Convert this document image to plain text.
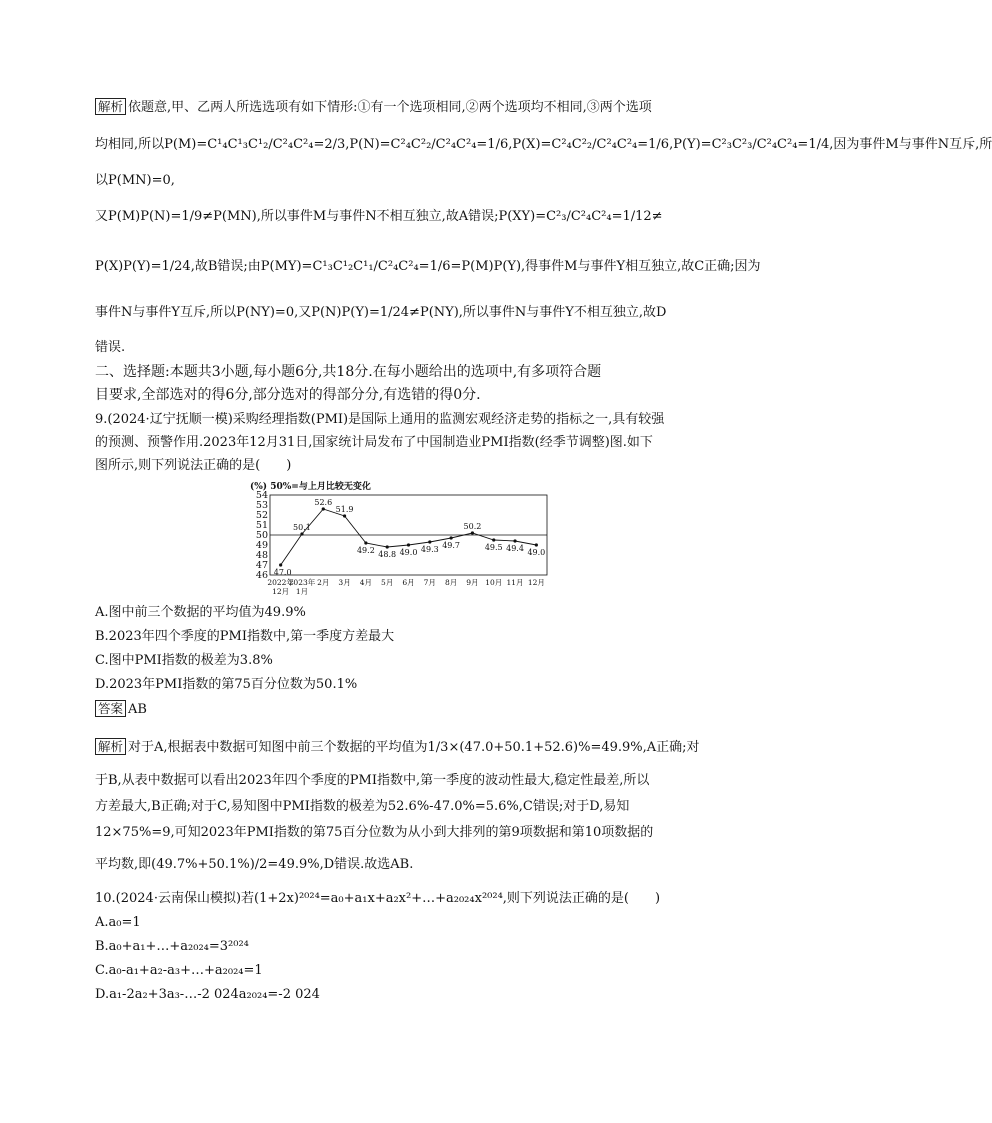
解析 依题意,甲、乙两人所选选项有如下情形:①有一个选项相同,②两个选项均不相同,③两个选项
均相同,所以P(M)=C¹₄C¹₃C¹₂/C²₄C²₄=2/3,P(N)=C²₄C²₂/C²₄C²₄=1/6,P(X)=C²₄C²₂/C²₄C²₄=1/6,P(Y)=C²₃C²₃/C²₄C²₄=1/4,因为事件M与事件N互斥,所
以P(MN)=0,
又P(M)P(N)=1/9≠P(MN),所以事件M与事件N不相互独立,故A错误;P(XY)=C²₃/C²₄C²₄=1/12≠
P(X)P(Y)=1/24,故B错误;由P(MY)=C¹₃C¹₂C¹₁/C²₄C²₄=1/6=P(M)P(Y),得事件M与事件Y相互独立,故C正确;因为
事件N与事件Y互斥,所以P(NY)=0,又P(N)P(Y)=1/24≠P(NY),所以事件N与事件Y不相互独立,故D
错误.
二、选择题:本题共3小题,每小题6分,共18分.在每小题给出的选项中,有多项符合题
目要求,全部选对的得6分,部分选对的得部分分,有选错的得0分.
9.(2024·辽宁抚顺一模)采购经理指数(PMI)是国际上通用的监测宏观经济走势的指标之一,具有较强
的预测、预警作用.2023年12月31日,国家统计局发布了中国制造业PMI指数(经季节调整)图.如下
图所示,则下列说法正确的是(　　)
(%) 50%=与上月比较无变化
54
53
52
51
50
49
48
47
46 47.0
50.1
52.6
51.9
49.2 48.8 49.0 49.3 49.7
50.2
49.5 49.4 49.0
2022年
2023年 2月 3月 4月 5月 6月 7月 8月 9月 10月 11月 12月
12月 1月
A.图中前三个数据的平均值为49.9%
B.2023年四个季度的PMI指数中,第一季度方差最大
C.图中PMI指数的极差为3.8%
D.2023年PMI指数的第75百分位数为50.1%
答案 AB
解析 对于A,根据表中数据可知图中前三个数据的平均值为1/3×(47.0+50.1+52.6)%=49.9%,A正确;对
于B,从表中数据可以看出2023年四个季度的PMI指数中,第一季度的波动性最大,稳定性最差,所以
方差最大,B正确;对于C,易知图中PMI指数的极差为52.6%-47.0%=5.6%,C错误;对于D,易知
12×75%=9,可知2023年PMI指数的第75百分位数为从小到大排列的第9项数据和第10项数据的
平均数,即(49.7%+50.1%)/2=49.9%,D错误.故选AB.
10.(2024·云南保山模拟)若(1+2x)²⁰²⁴=a₀+a₁x+a₂x²+…+a₂₀₂₄x²⁰²⁴,则下列说法正确的是(　　)
A.a₀=1
B.a₀+a₁+…+a₂₀₂₄=3²⁰²⁴
C.a₀-a₁+a₂-a₃+…+a₂₀₂₄=1
D.a₁-2a₂+3a₃-…-2 024a₂₀₂₄=-2 024
